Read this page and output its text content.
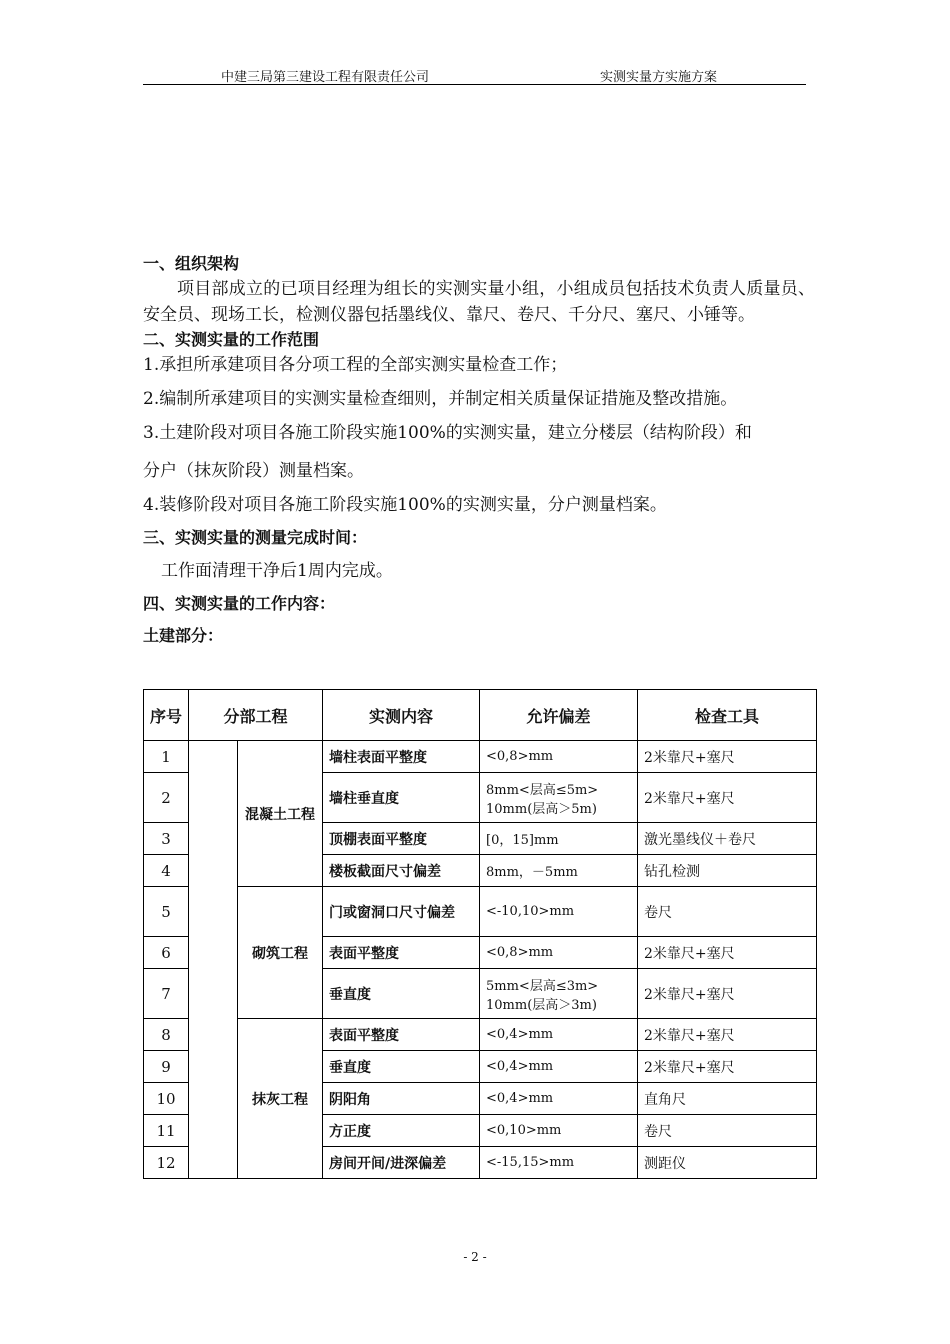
中建三局第三建设工程有限责任公司	实测实量方实施方案
一、组织架构
项目部成立的已项目经理为组长的实测实量小组，小组成员包括技术负责人质量员、安全员、现场工长，检测仪器包括墨线仪、靠尺、卷尺、千分尺、塞尺、小锤等。
二、实测实量的工作范围
1.承担所承建项目各分项工程的全部实测实量检查工作；
2.编制所承建项目的实测实量检查细则，并制定相关质量保证措施及整改措施。
3.土建阶段对项目各施工阶段实施100%的实测实量，建立分楼层（结构阶段）和
分户（抹灰阶段）测量档案。
4.装修阶段对项目各施工阶段实施100%的实测实量，分户测量档案。
三、实测实量的测量完成时间：
工作面清理干净后1周内完成。
四、实测实量的工作内容：
土建部分：
序号	分部工程		实测内容	允许偏差	检查工具
1		混凝土工程	墙柱表面平整度	<0,8>mm	2米靠尺+塞尺
2			墙柱垂直度	8mm<层高≤5m>
10mm(层高＞5m)	2米靠尺+塞尺
3			顶棚表面平整度	[0，15]mm	激光墨线仪＋卷尺
4			楼板截面尺寸偏差	8mm，－5mm	钻孔检测
5		砌筑工程	门或窗洞口尺寸偏差	<-10,10>mm	卷尺
6			表面平整度	<0,8>mm	2米靠尺+塞尺
7			垂直度	5mm<层高≤3m>
10mm(层高＞3m)	2米靠尺+塞尺
8		抹灰工程	表面平整度	<0,4>mm	2米靠尺+塞尺
9			垂直度	<0,4>mm	2米靠尺+塞尺
10			阴阳角	<0,4>mm	直角尺
11			方正度	<0,10>mm	卷尺
12			房间开间/进深偏差	<-15,15>mm	测距仪
- 2 -
